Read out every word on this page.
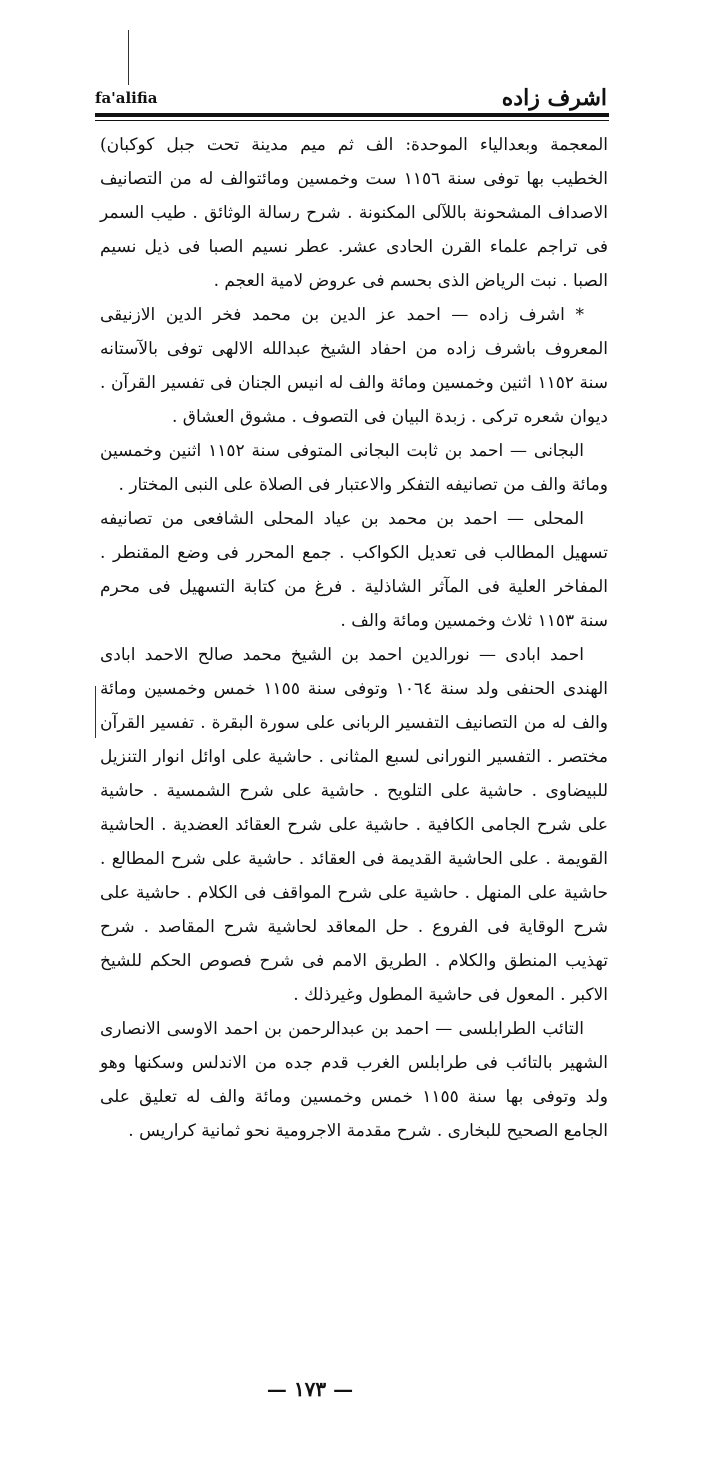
اشرف زاده
fa'alifia

المعجمة وبعدالياء الموحدة: الف ثم ميم مدينة تحت جبل كوكبان) الخطيب بها توفى سنة ١١٥٦ ست وخمسين ومائتوالف له من التصانيف الاصداف المشحونة باللآلى المكنونة . شرح رسالة الوثائق . طيب السمر فى تراجم علماء القرن الحادى عشر. عطر نسيم الصبا فى ذيل نسيم الصبا . نبت الرياض الذى بحسم فى عروض لامية العجم .

* اشرف زاده — احمد عز الدين بن محمد فخر الدين الازنيقى المعروف باشرف زاده من احفاد الشيخ عبدالله الالهى توفى بالآستانه سنة ١١٥٢ اثنين وخمسين ومائة والف له انيس الجنان فى تفسير القرآن . ديوان شعره تركى . زبدة البيان فى التصوف . مشوق العشاق .

البجانى — احمد بن ثابت البجانى المتوفى سنة ١١٥٢ اثنين وخمسين ومائة والف من تصانيفه التفكر والاعتبار فى الصلاة على النبى المختار .

المحلى — احمد بن محمد بن عياد المحلى الشافعى من تصانيفه تسهيل المطالب فى تعديل الكواكب . جمع المحرر فى وضع المقنطر . المفاخر العلية فى المآثر الشاذلية . فرغ من كتابة التسهيل فى محرم سنة ١١٥٣ ثلاث وخمسين ومائة والف .

احمد ابادى — نورالدين احمد بن الشيخ محمد صالح الاحمد ابادى الهندى الحنفى ولد سنة ١٠٦٤ وتوفى سنة ١١٥٥ خمس وخمسين ومائة والف له من التصانيف التفسير الربانى على سورة البقرة . تفسير القرآن مختصر . التفسير النورانى لسبع المثانى . حاشية على اوائل انوار التنزيل للبيضاوى . حاشية على التلويح . حاشية على شرح الشمسية . حاشية على شرح الجامى الكافية . حاشية على شرح العقائد العضدية . الحاشية القويمة . على الحاشية القديمة فى العقائد . حاشية على شرح المطالع . حاشية على المنهل . حاشية على شرح المواقف فى الكلام . حاشية على شرح الوقاية فى الفروع . حل المعاقد لحاشية شرح المقاصد . شرح تهذيب المنطق والكلام . الطريق الامم فى شرح فصوص الحكم للشيخ الاكبر . المعول فى حاشية المطول وغيرذلك .

التائب الطرابلسى — احمد بن عبدالرحمن بن احمد الاوسى الانصارى الشهير بالتائب فى طرابلس الغرب قدم جده من الاندلس وسكنها وهو ولد وتوفى بها سنة ١١٥٥ خمس وخمسين ومائة والف له تعليق على الجامع الصحيح للبخارى . شرح مقدمة الاجرومية نحو ثمانية كراريس .

— ١٧٣ —
